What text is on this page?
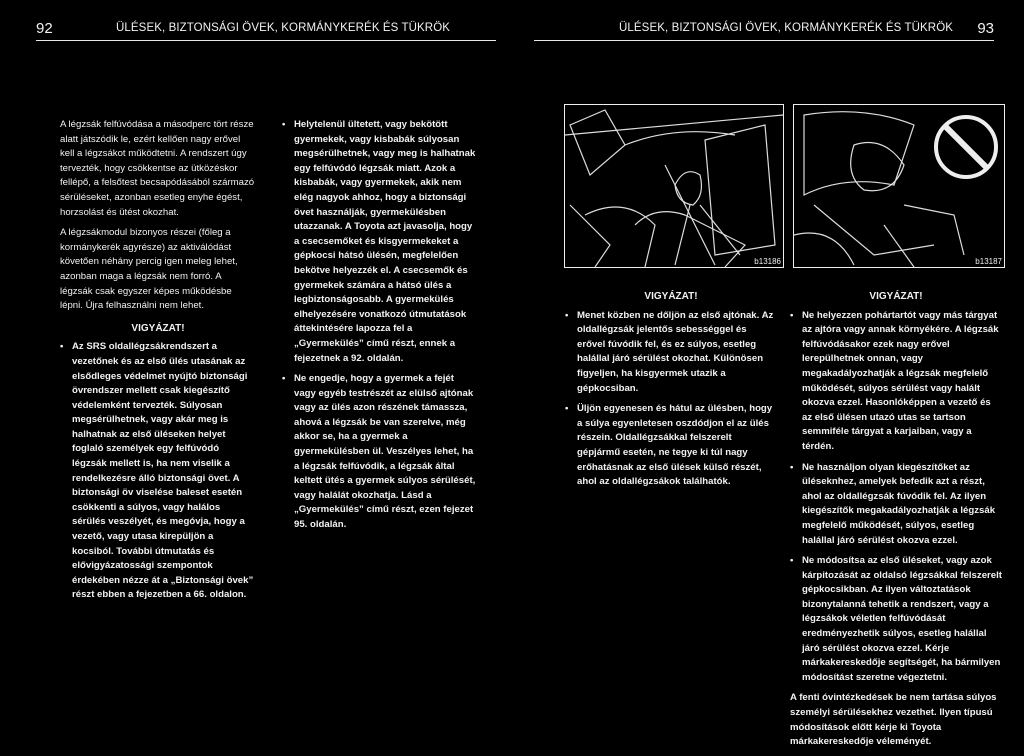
92	ÜLÉSEK, BIZTONSÁGI ÖVEK, KORMÁNYKERÉK ÉS TÜKRÖK

A légzsák felfúvódása a másodperc tört része alatt játszódik le, ezért kellően nagy erővel kell a légzsákot működtetni. A rendszert úgy tervezték, hogy csökkentse az ütközéskor fellépő, a felsőtest becsapódásából származó sérüléseket, azonban esetleg enyhe égést, horzsolást és ütést okozhat.

A légzsákmodul bizonyos részei (főleg a kormánykerék agyrésze) az aktiválódást követően néhány percig igen meleg lehet, azonban maga a légzsák nem forró. A légzsák csak egyszer képes működésbe lépni. Újra felhasználni nem lehet.

VIGYÁZAT!
• Az SRS oldallégzsákrendszert a vezetőnek és az első ülés utasának az elsődleges védelmet nyújtó biztonsági övrendszer mellett csak kiegészítő védelemként tervezték. Súlyosan megsérülhetnek, vagy akár meg is halhatnak az első üléseken helyet foglaló személyek egy felfúvódó légzsák mellett is, ha nem viselik a rendelkezésre álló biztonsági övet. A biztonsági öv viselése baleset esetén csökkenti a súlyos, vagy halálos sérülés veszélyét, és megóvja, hogy a vezető, vagy utasa kirepüljön a kocsiból. További útmutatás és elővigyázatossági szempontok érdekében nézze át a „Biztonsági övek” részt ebben a fejezetben a 66. oldalon.
• Helytelenül ültetett, vagy bekötött gyermekek, vagy kisbabák súlyosan megsérülhetnek, vagy meg is halhatnak egy felfúvódó légzsák miatt. Azok a kisbabák, vagy gyermekek, akik nem elég nagyok ahhoz, hogy a biztonsági övet használják, gyermekülésben utazzanak. A Toyota azt javasolja, hogy a csecsemőket és kisgyermekeket a gépkocsi hátsó ülésén, megfelelően bekötve helyezzék el. A csecsemők és gyermekek számára a hátsó ülés a legbiztonságosabb. A gyermekülés elhelyezésére vonatkozó útmutatások áttekintésére lapozza fel a „Gyermekülés” című részt, ennek a fejezetnek a 92. oldalán.
• Ne engedje, hogy a gyermek a fejét vagy egyéb testrészét az elülső ajtónak vagy az ülés azon részének támassza, ahová a légzsák be van szerelve, még akkor se, ha a gyermek a gyermekülésben ül. Veszélyes lehet, ha a légzsák felfúvódik, a légzsák által keltett ütés a gyermek súlyos sérülését, vagy halálát okozhatja. Lásd a „Gyermekülés” című részt, ezen fejezet 95. oldalán.
ÜLÉSEK, BIZTONSÁGI ÖVEK, KORMÁNYKERÉK ÉS TÜKRÖK 93
b13186	b13187
VIGYÁZAT!
• Menet közben ne dőljön az első ajtónak. Az oldallégzsák jelentős sebességgel és erővel fúvódik fel, és ez súlyos, esetleg halállal járó sérülést okozhat. Különösen figyeljen, ha kisgyermek utazik a gépkocsiban.
• Üljön egyenesen és hátul az ülésben, hogy a súlya egyenletesen oszdódjon el az ülés részein. Oldallégzsákkal felszerelt gépjármű esetén, ne tegye ki túl nagy erőhatásnak az első ülések külső részét, ahol az oldallégzsákok találhatók.
VIGYÁZAT!
• Ne helyezzen pohártartót vagy más tárgyat az ajtóra vagy annak környékére. A légzsák felfúvódásakor ezek nagy erővel lerepülhetnek onnan, vagy megakadályozhatják a légzsák megfelelő működését, súlyos sérülést vagy halált okozva ezzel. Hasonlóképpen a vezető és az első ülésen utazó utas se tartson semmiféle tárgyat a karjaiban, vagy a térdén.
• Ne használjon olyan kiegészítőket az üléseknhez, amelyek befedik azt a részt, ahol az oldallégzsák fúvódik fel. Az ilyen kiegészítők megakadályozhatják a légzsák megfelelő működését, súlyos, esetleg halállal járó sérülést okozva ezzel.
• Ne módosítsa az első üléseket, vagy azok kárpitozását az oldalsó légzsákkal felszerelt gépkocsikban. Az ilyen változtatások bizonytalanná tehetik a rendszert, vagy a légzsákok véletlen felfúvódását eredményezhetik súlyos, esetleg halállal járó sérülést okozva ezzel. Kérje márkakereskedője segítségét, ha bármilyen módosítást szeretne végeztetni.

A fenti óvintézkedések be nem tartása súlyos személyi sérülésekhez vezethet. Ilyen típusú módosítások előtt kérje ki Toyota márkakereskedője véleményét.
